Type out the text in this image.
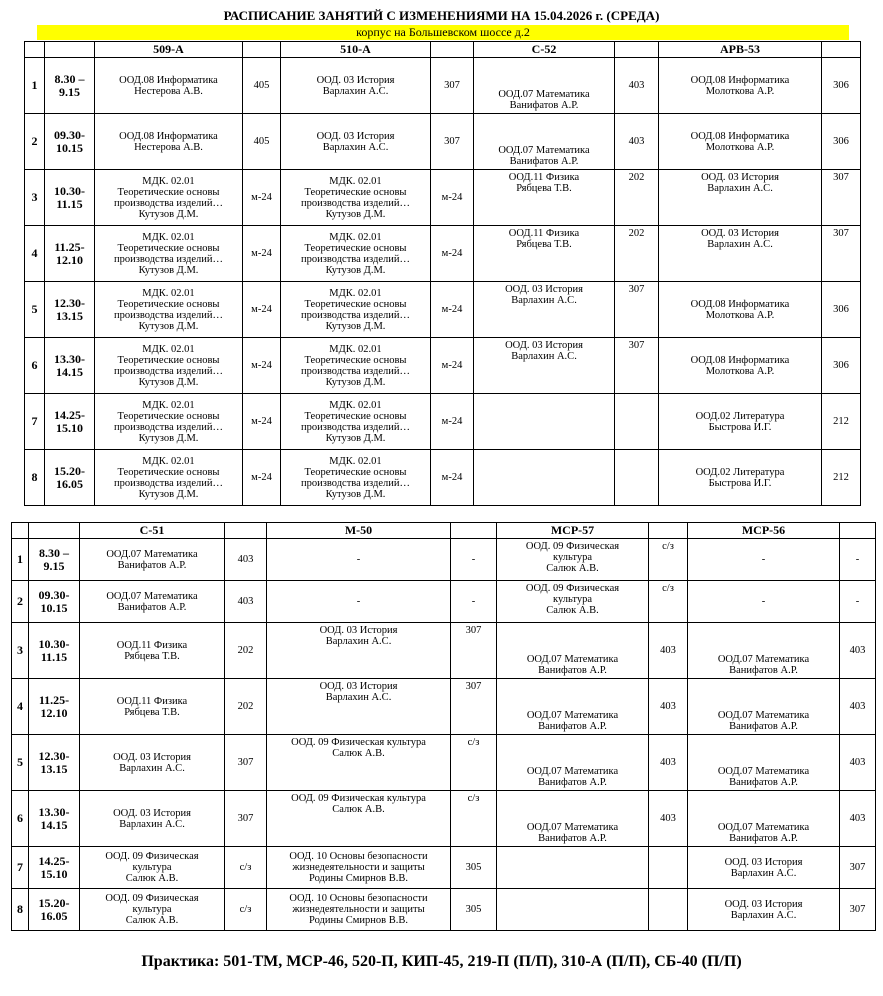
РАСПИСАНИЕ ЗАНЯТИЙ С ИЗМЕНЕНИЯМИ НА 15.04.2026 г. (СРЕДА)
корпус на Большевском шоссе д.2
		509-А		510-А		С-52		АРВ-53	
1	8.30 –
9.15	ООД.08 Информатика
Нестерова А.В.	405	ООД. 03 История
Варлахин А.С.	307	ООД.07 Математика
Ванифатов А.Р.	403	ООД.08 Информатика
Молоткова А.Р.	306
2	09.30-
10.15	ООД.08 Информатика
Нестерова А.В.	405	ООД. 03 История
Варлахин А.С.	307	ООД.07 Математика
Ванифатов А.Р.	403	ООД.08 Информатика
Молоткова А.Р.	306
3	10.30-
11.15	МДК. 02.01
Теоретические основы
производства изделий…
Кутузов Д.М.	м-24	МДК. 02.01
Теоретические основы
производства изделий…
Кутузов Д.М.	м-24	ООД.11 Физика
Рябцева Т.В.	202	ООД. 03 История
Варлахин А.С.	307
4	11.25-
12.10	МДК. 02.01
Теоретические основы
производства изделий…
Кутузов Д.М.	м-24	МДК. 02.01
Теоретические основы
производства изделий…
Кутузов Д.М.	м-24	ООД.11 Физика
Рябцева Т.В.	202	ООД. 03 История
Варлахин А.С.	307
5	12.30-
13.15	МДК. 02.01
Теоретические основы
производства изделий…
Кутузов Д.М.	м-24	МДК. 02.01
Теоретические основы
производства изделий…
Кутузов Д.М.	м-24	ООД. 03 История
Варлахин А.С.	307	ООД.08 Информатика
Молоткова А.Р.	306
6	13.30-
14.15	МДК. 02.01
Теоретические основы
производства изделий…
Кутузов Д.М.	м-24	МДК. 02.01
Теоретические основы
производства изделий…
Кутузов Д.М.	м-24	ООД. 03 История
Варлахин А.С.	307	ООД.08 Информатика
Молоткова А.Р.	306
7	14.25-
15.10	МДК. 02.01
Теоретические основы
производства изделий…
Кутузов Д.М.	м-24	МДК. 02.01
Теоретические основы
производства изделий…
Кутузов Д.М.	м-24			ООД.02 Литература
Быстрова И.Г.	212
8	15.20-
16.05	МДК. 02.01
Теоретические основы
производства изделий…
Кутузов Д.М.	м-24	МДК. 02.01
Теоретические основы
производства изделий…
Кутузов Д.М.	м-24			ООД.02 Литература
Быстрова И.Г.	212
		С-51		М-50		МСР-57		МСР-56	
1	8.30 –
9.15	ООД.07 Математика
Ванифатов А.Р.	403	-	-	ООД. 09 Физическая
культура
Салюк А.В.	с/з	-	-
2	09.30-
10.15	ООД.07 Математика
Ванифатов А.Р.	403	-	-	ООД. 09 Физическая
культура
Салюк А.В.	с/з	-	-
3	10.30-
11.15	ООД.11 Физика
Рябцева Т.В.	202	ООД. 03 История
Варлахин А.С.	307	ООД.07 Математика
Ванифатов А.Р.	403	ООД.07 Математика
Ванифатов А.Р.	403
4	11.25-
12.10	ООД.11 Физика
Рябцева Т.В.	202	ООД. 03 История
Варлахин А.С.	307	ООД.07 Математика
Ванифатов А.Р.	403	ООД.07 Математика
Ванифатов А.Р.	403
5	12.30-
13.15	ООД. 03 История
Варлахин А.С.	307	ООД. 09 Физическая культура
Салюк А.В.	с/з	ООД.07 Математика
Ванифатов А.Р.	403	ООД.07 Математика
Ванифатов А.Р.	403
6	13.30-
14.15	ООД. 03 История
Варлахин А.С.	307	ООД. 09 Физическая культура
Салюк А.В.	с/з	ООД.07 Математика
Ванифатов А.Р.	403	ООД.07 Математика
Ванифатов А.Р.	403
7	14.25-
15.10	ООД. 09 Физическая
культура
Салюк А.В.	с/з	ООД. 10 Основы безопасности
жизнедеятельности и защиты
Родины Смирнов В.В.	305			ООД. 03 История
Варлахин А.С.	307
8	15.20-
16.05	ООД. 09 Физическая
культура
Салюк А.В.	с/з	ООД. 10 Основы безопасности
жизнедеятельности и защиты
Родины Смирнов В.В.	305			ООД. 03 История
Варлахин А.С.	307
Практика: 501-ТМ, МСР-46, 520-П, КИП-45, 219-П (П/П), 310-А (П/П), СБ-40 (П/П)
